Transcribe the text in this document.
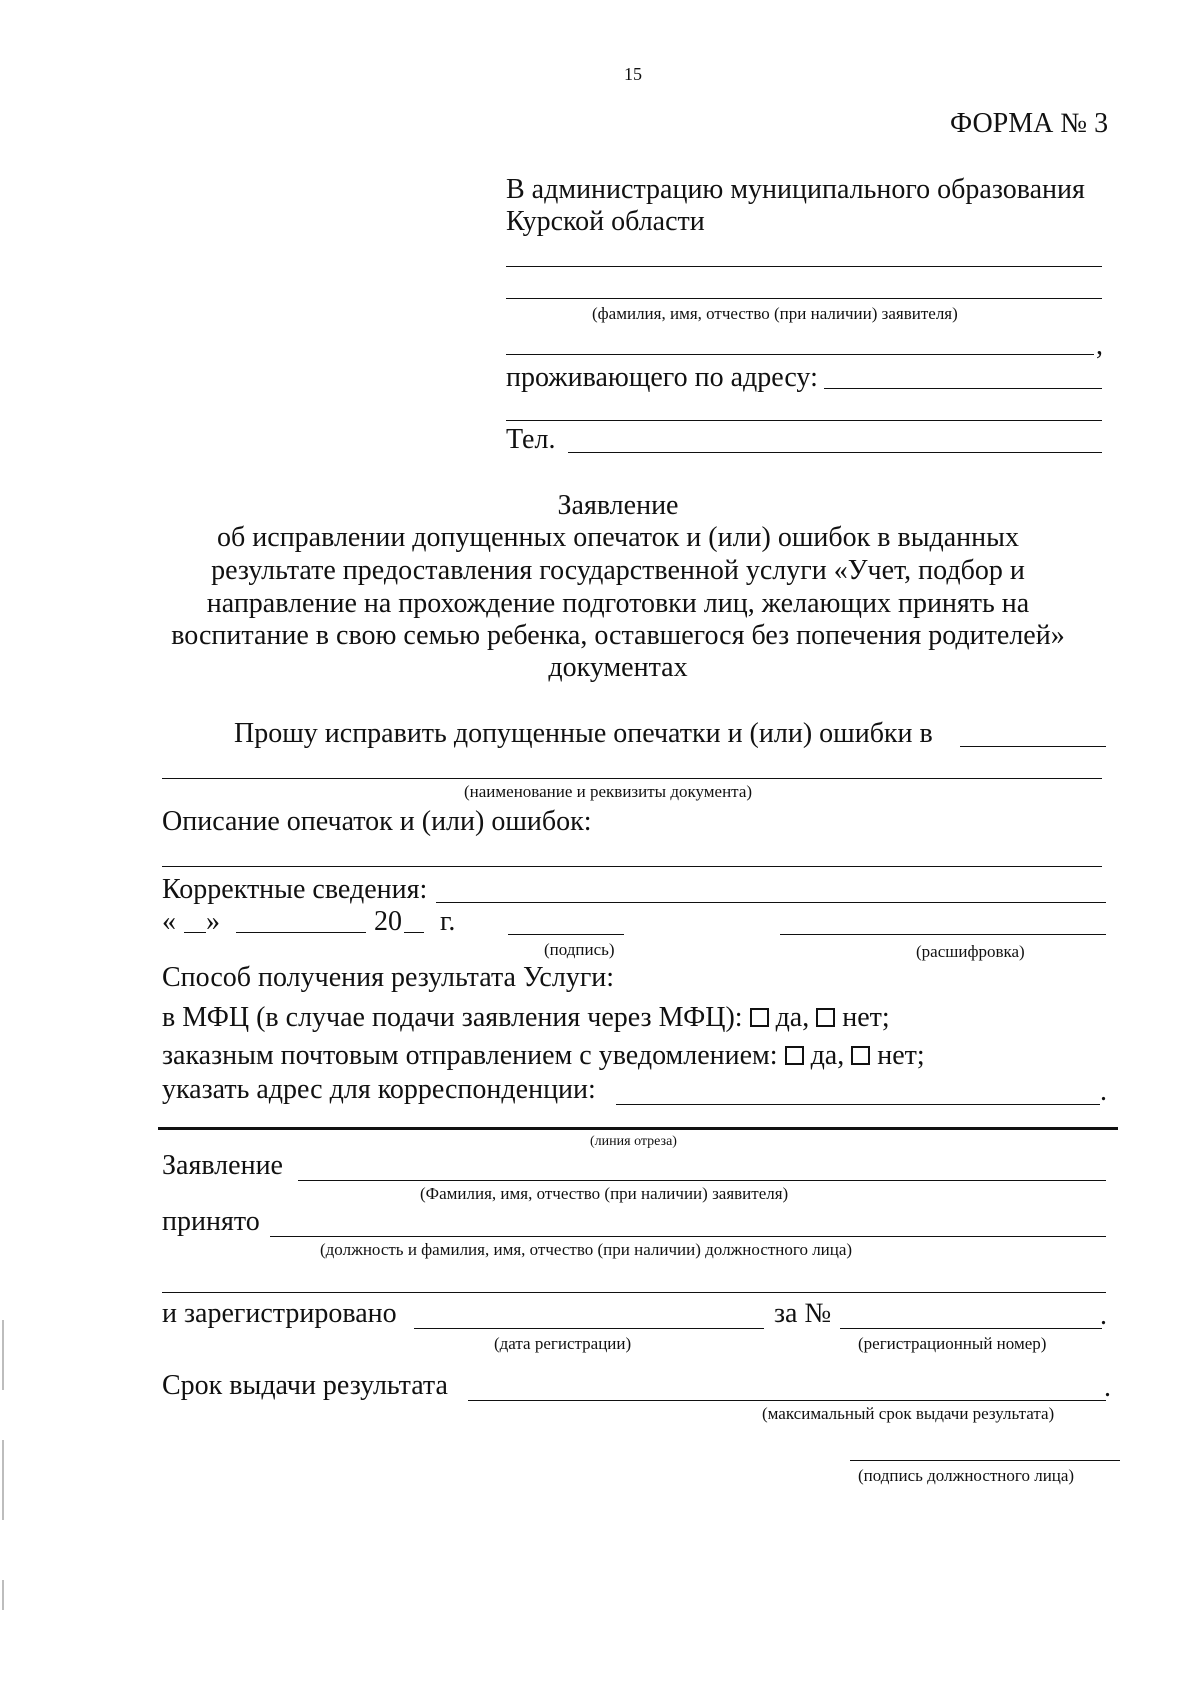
15
ФОРМА № 3
В администрацию муниципального образования
Курской области
(фамилия, имя, отчество (при наличии) заявителя)
,
проживающего по адресу:
Тел.
Заявление
об исправлении допущенных опечаток и (или) ошибок в выданных
результате предоставления государственной услуги «Учет, подбор и
направление на прохождение подготовки лиц, желающих принять на
воспитание в свою семью ребенка, оставшегося без попечения родителей»
документах
Прошу исправить допущенные опечатки и (или) ошибки в
(наименование и реквизиты документа)
Описание опечаток и (или) ошибок:
Корректные сведения:
« »	20 г.
(подпись)	(расшифровка)
Способ получения результата Услуги:
в МФЦ (в случае подачи заявления через МФЦ): да, нет;
заказным почтовым отправлением с уведомлением: да, нет;
указать адрес для корреспонденции:	.
(линия отреза)
Заявление
(Фамилия, имя, отчество (при наличии) заявителя)
принято
(должность и фамилия, имя, отчество (при наличии) должностного лица)
и зарегистрировано	за №	.
(дата регистрации)	(регистрационный номер)
Срок выдачи результата	.
(максимальный срок выдачи результата)
(подпись должностного лица)
